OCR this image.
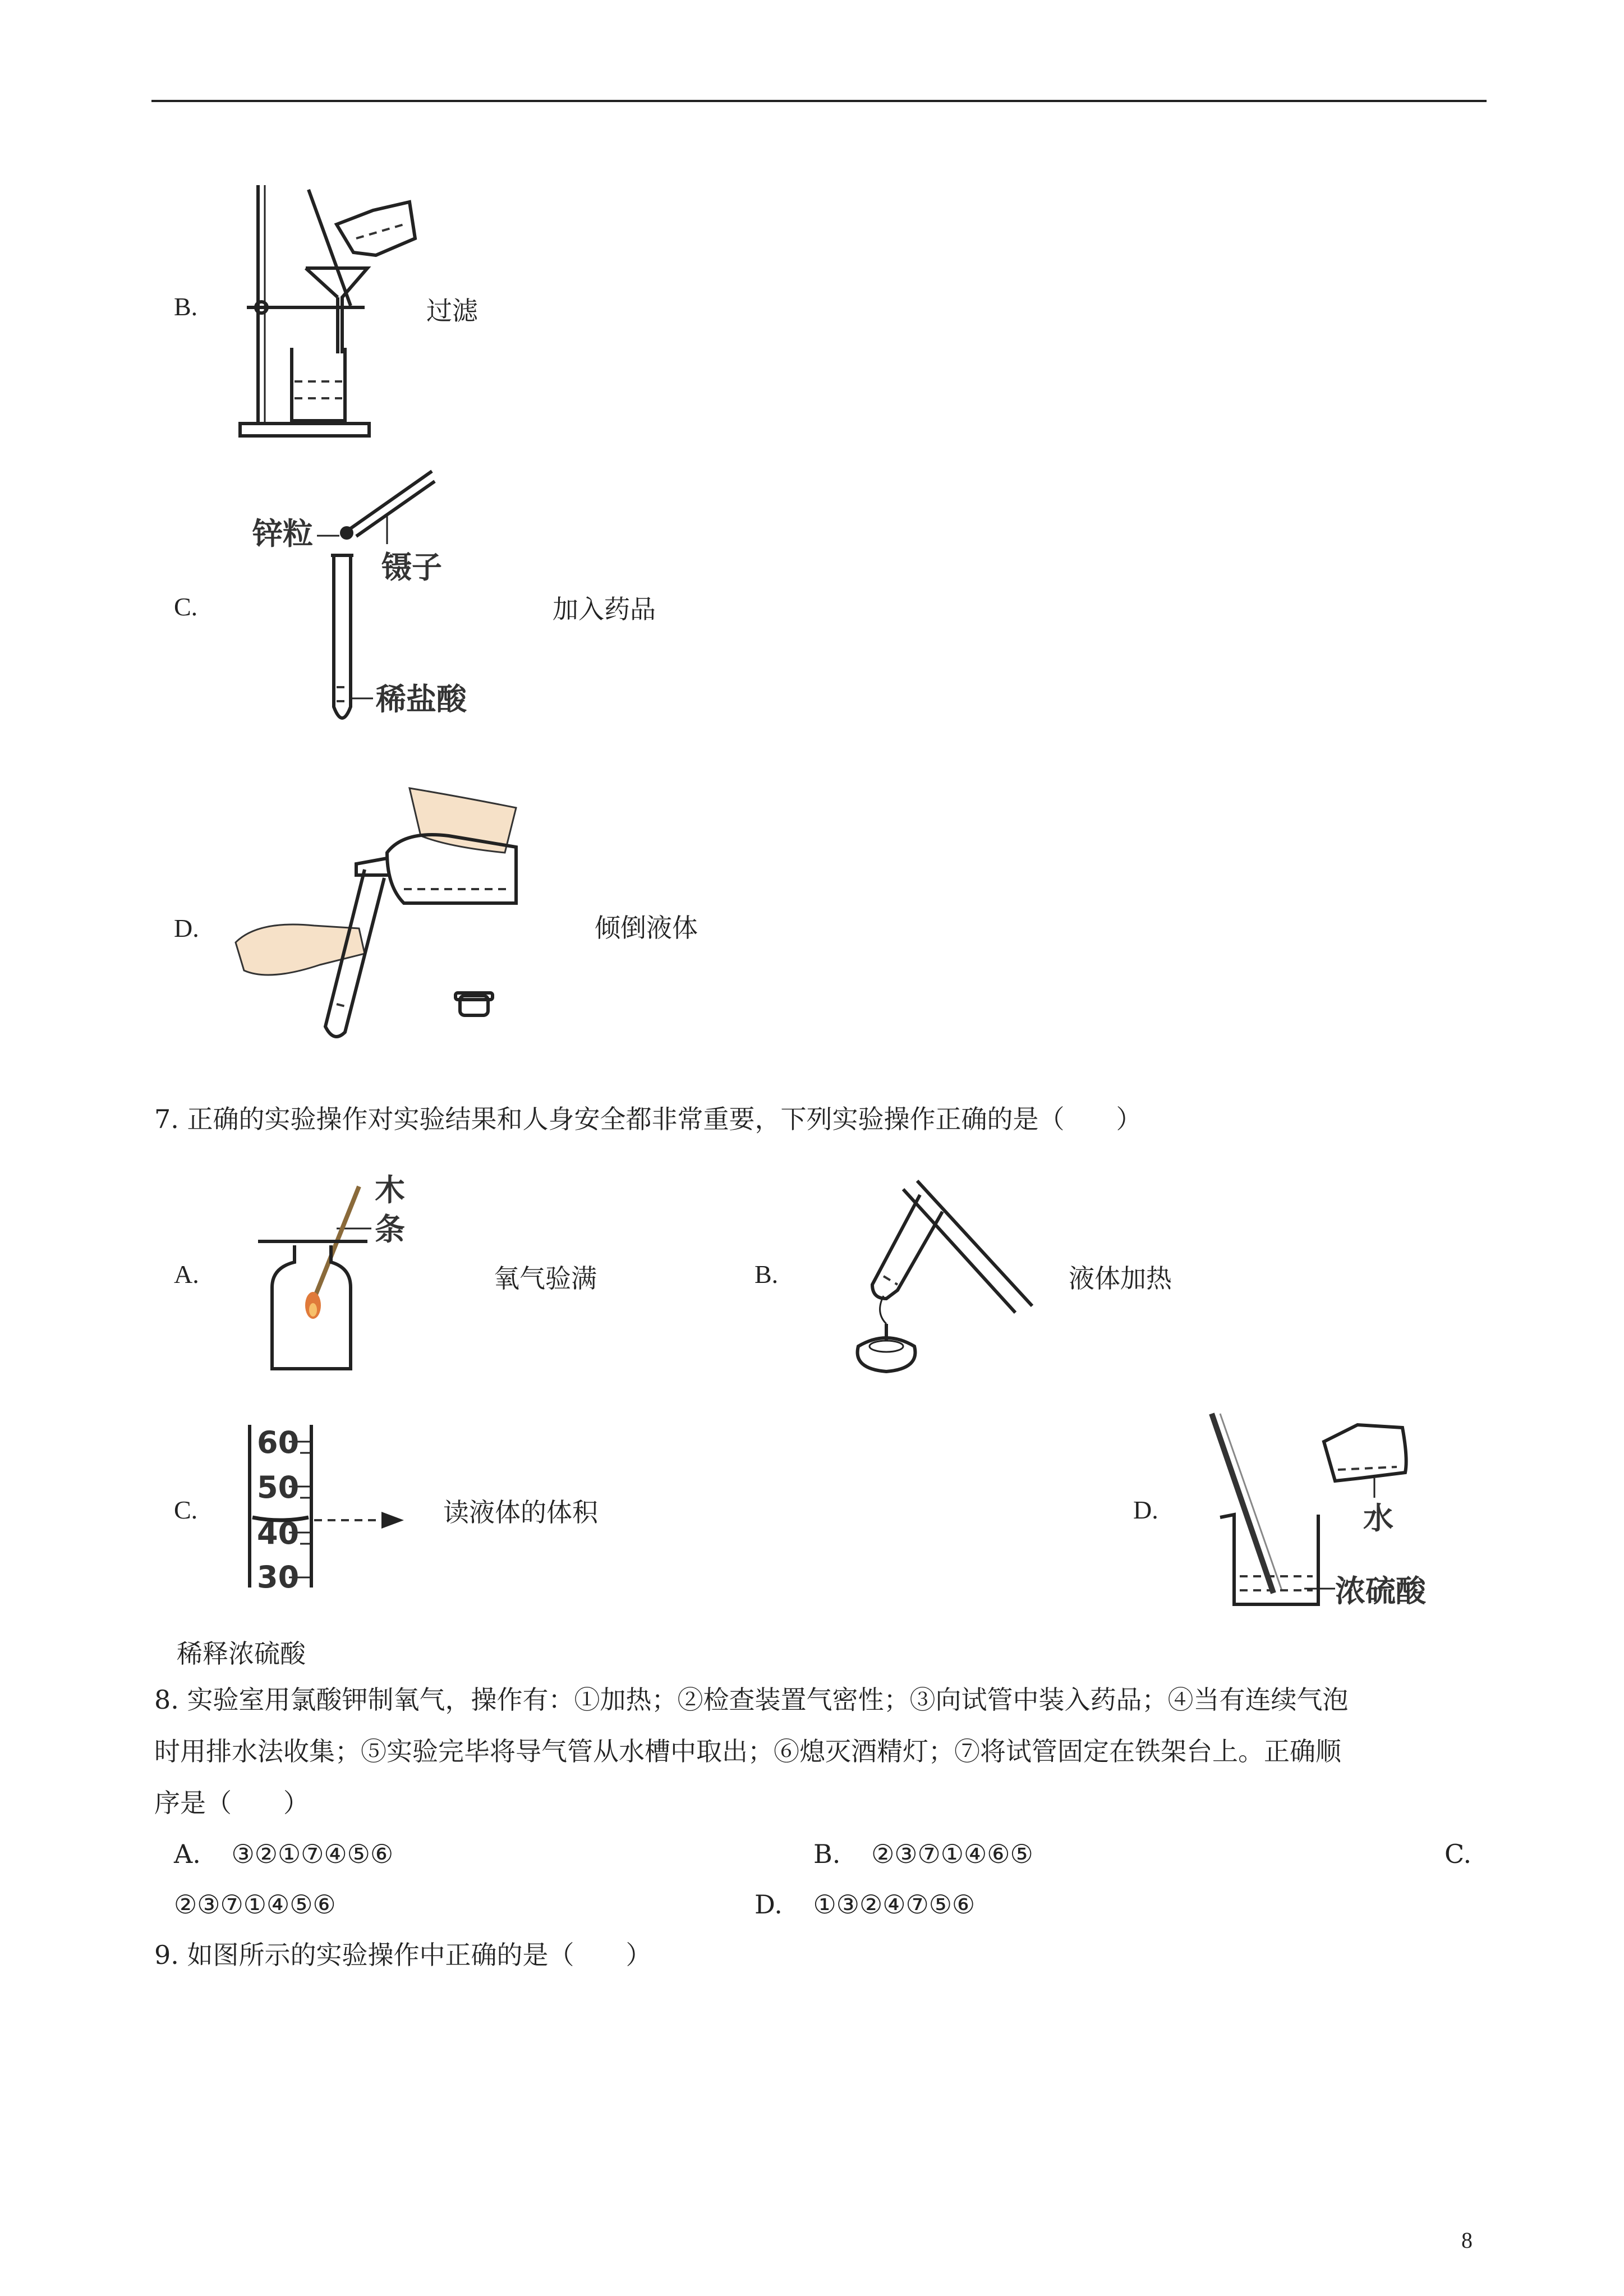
B.	过滤
C.
锌粒
镊子
稀盐酸
加入药品
D.	倾倒液体
7. 正确的实验操作对实验结果和人身安全都非常重要，下列实验操作正确的是（　　）
A.
木
条
氧气验满	B.	液体加热
C.
60
50
40
30
读液体的体积	D.	水
浓硫酸
稀释浓硫酸
8. 实验室用氯酸钾制氧气，操作有：①加热；②检查装置气密性；③向试管中装入药品；④当有连续气泡
时用排水法收集；⑤实验完毕将导气管从水槽中取出；⑥熄灭酒精灯；⑦将试管固定在铁架台上。正确顺
序是（　　）
A. ③②①⑦④⑤⑥	B. ②③⑦①④⑥⑤	C.
②③⑦①④⑤⑥	D. ①③②④⑦⑤⑥
9. 如图所示的实验操作中正确的是（　　）
8
